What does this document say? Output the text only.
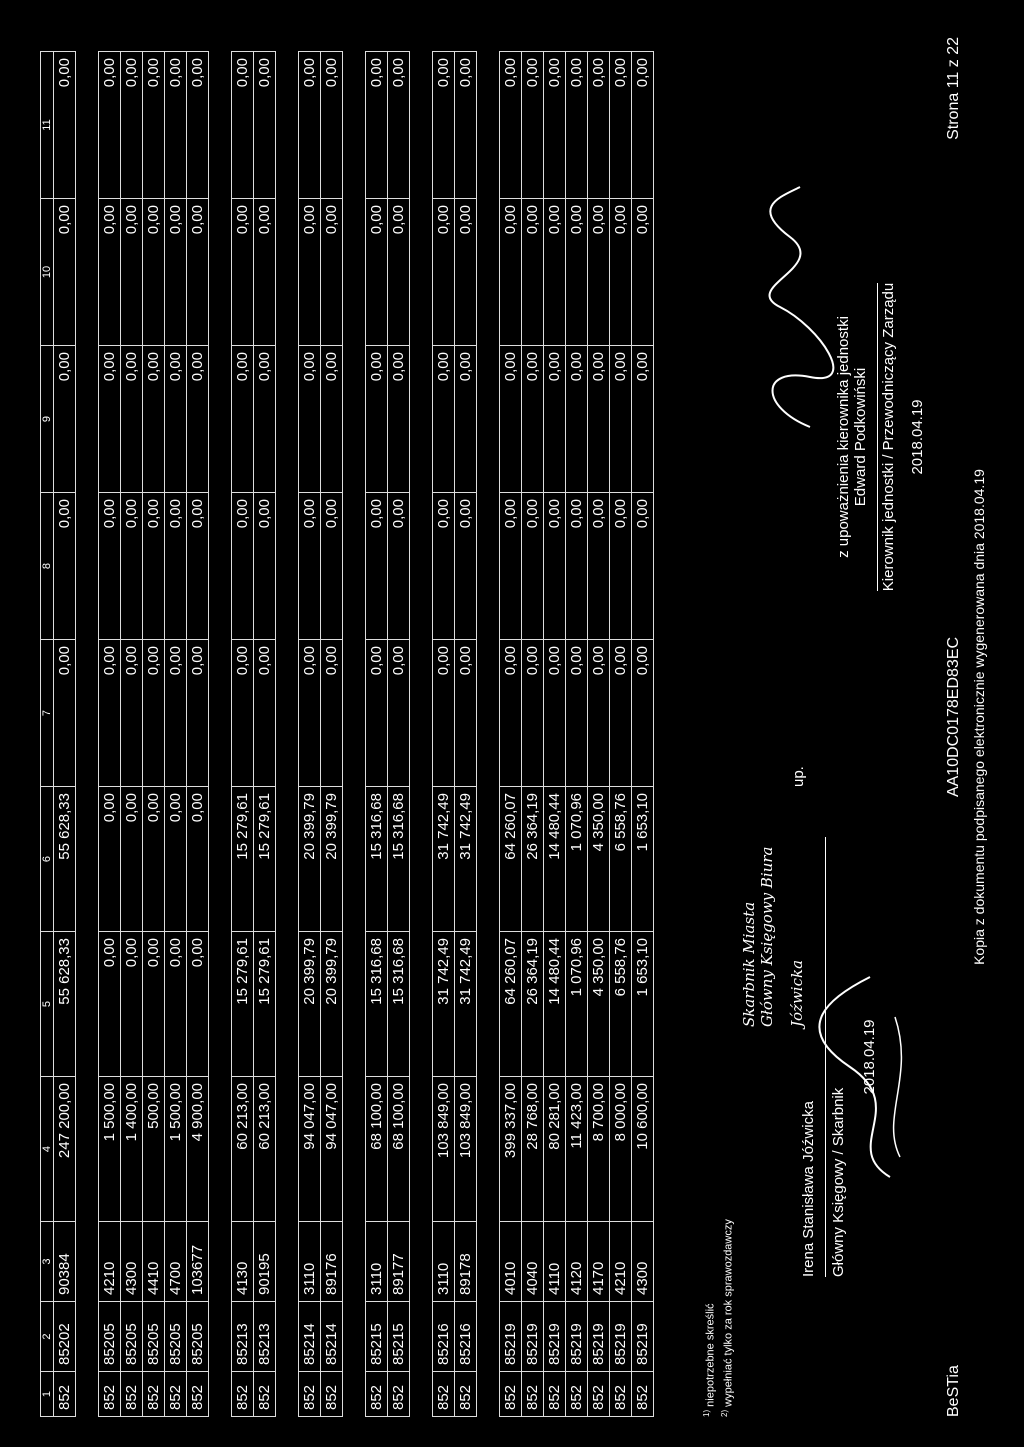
1	2	3	4	5	6	7	8	9	10	11
852	85202	90384	247 200,00	55 628,33	55 628,33	0,00	0,00	0,00	0,00	0,00

852	85205	4210	1 500,00	0,00	0,00	0,00	0,00	0,00	0,00	0,00
852	85205	4300	1 400,00	0,00	0,00	0,00	0,00	0,00	0,00	0,00
852	85205	4410	500,00	0,00	0,00	0,00	0,00	0,00	0,00	0,00
852	85205	4700	1 500,00	0,00	0,00	0,00	0,00	0,00	0,00	0,00
852	85205	103677	4 900,00	0,00	0,00	0,00	0,00	0,00	0,00	0,00

852	85213	4130	60 213,00	15 279,61	15 279,61	0,00	0,00	0,00	0,00	0,00
852	85213	90195	60 213,00	15 279,61	15 279,61	0,00	0,00	0,00	0,00	0,00

852	85214	3110	94 047,00	20 399,79	20 399,79	0,00	0,00	0,00	0,00	0,00
852	85214	89176	94 047,00	20 399,79	20 399,79	0,00	0,00	0,00	0,00	0,00

852	85215	3110	68 100,00	15 316,68	15 316,68	0,00	0,00	0,00	0,00	0,00
852	85215	89177	68 100,00	15 316,68	15 316,68	0,00	0,00	0,00	0,00	0,00

852	85216	3110	103 849,00	31 742,49	31 742,49	0,00	0,00	0,00	0,00	0,00
852	85216	89178	103 849,00	31 742,49	31 742,49	0,00	0,00	0,00	0,00	0,00

852	85219	4010	399 337,00	64 260,07	64 260,07	0,00	0,00	0,00	0,00	0,00
852	85219	4040	28 768,00	26 364,19	26 364,19	0,00	0,00	0,00	0,00	0,00
852	85219	4110	80 281,00	14 480,44	14 480,44	0,00	0,00	0,00	0,00	0,00
852	85219	4120	11 423,00	1 070,96	1 070,96	0,00	0,00	0,00	0,00	0,00
852	85219	4170	8 700,00	4 350,00	4 350,00	0,00	0,00	0,00	0,00	0,00
852	85219	4210	8 000,00	6 558,76	6 558,76	0,00	0,00	0,00	0,00	0,00
852	85219	4300	10 600,00	1 653,10	1 653,10	0,00	0,00	0,00	0,00	0,00
$^{1)}$ niepotrzebne skreślić
$^{2)}$ wypełniać tylko za rok sprawozdawczy
Irena Stanisława Jóźwicka Główny Księgowy / Skarbnik
2018.04.19
Skarbnik Miasta Główny Księgowy Biura Jóźwicka
up.
z upoważnienia kierownika jednostki Edward Podkowiński Kierownik jednostki / Przewodniczący Zarządu 2018.04.19
BeSTia
AA10DC0178ED83EC Kopia z dokumentu podpisanego elektronicznie wygenerowana dnia 2018.04.19
Strona 11 z 22
